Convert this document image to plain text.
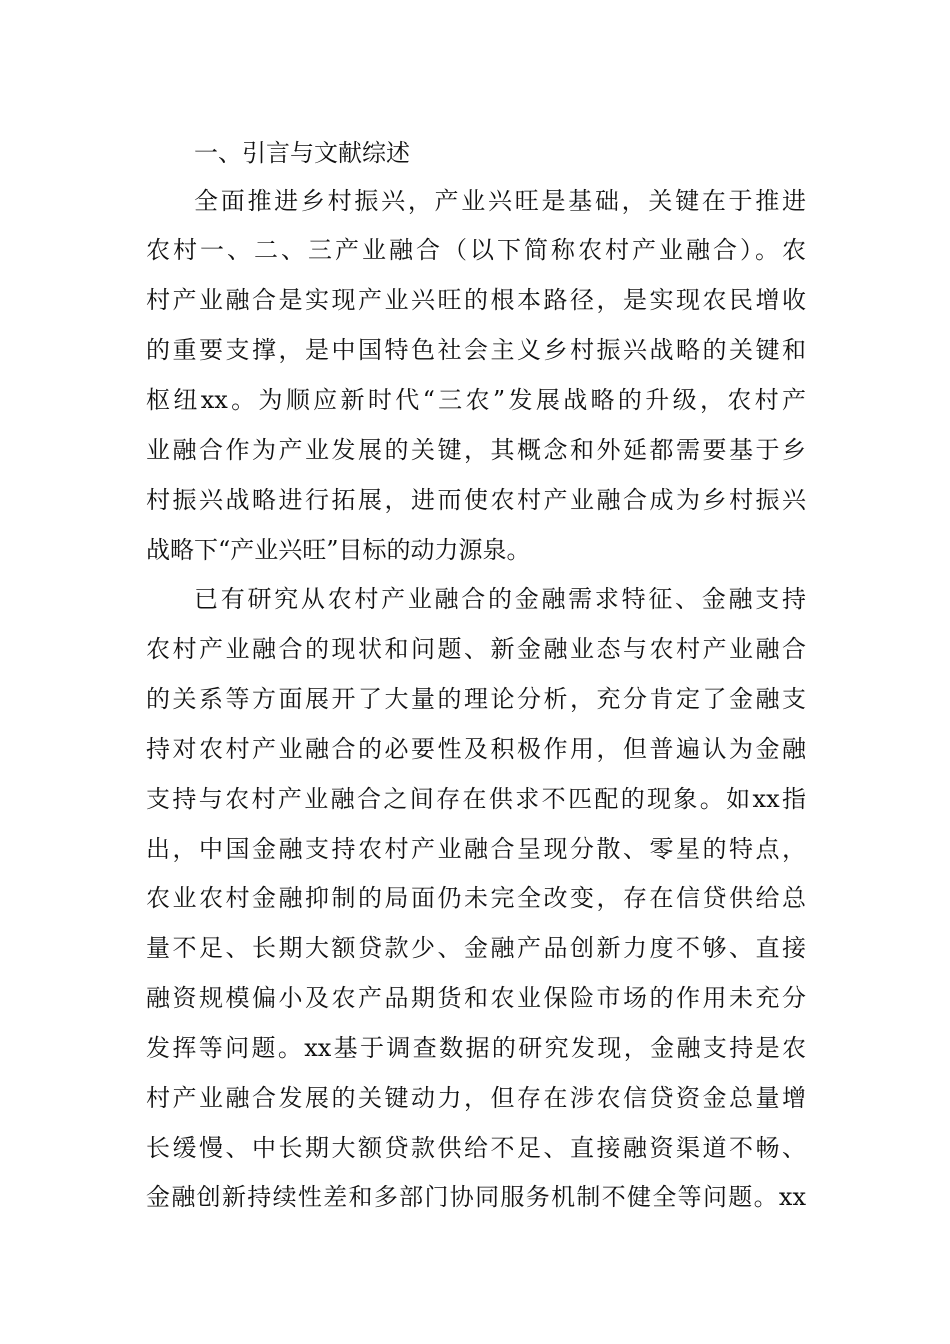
一、引言与文献综述
全面推进乡村振兴，产业兴旺是基础，关键在于推进
农村一、二、三产业融合（以下简称农村产业融合）。农
村产业融合是实现产业兴旺的根本路径，是实现农民增收
的重要支撑，是中国特色社会主义乡村振兴战略的关键和
枢纽xx。为顺应新时代“三农”发展战略的升级，农村产
业融合作为产业发展的关键，其概念和外延都需要基于乡
村振兴战略进行拓展，进而使农村产业融合成为乡村振兴
战略下“产业兴旺”目标的动力源泉。
已有研究从农村产业融合的金融需求特征、金融支持
农村产业融合的现状和问题、新金融业态与农村产业融合
的关系等方面展开了大量的理论分析，充分肯定了金融支
持对农村产业融合的必要性及积极作用，但普遍认为金融
支持与农村产业融合之间存在供求不匹配的现象。如xx指
出，中国金融支持农村产业融合呈现分散、零星的特点，
农业农村金融抑制的局面仍未完全改变，存在信贷供给总
量不足、长期大额贷款少、金融产品创新力度不够、直接
融资规模偏小及农产品期货和农业保险市场的作用未充分
发挥等问题。xx基于调查数据的研究发现，金融支持是农
村产业融合发展的关键动力，但存在涉农信贷资金总量增
长缓慢、中长期大额贷款供给不足、直接融资渠道不畅、
金融创新持续性差和多部门协同服务机制不健全等问题。xx
